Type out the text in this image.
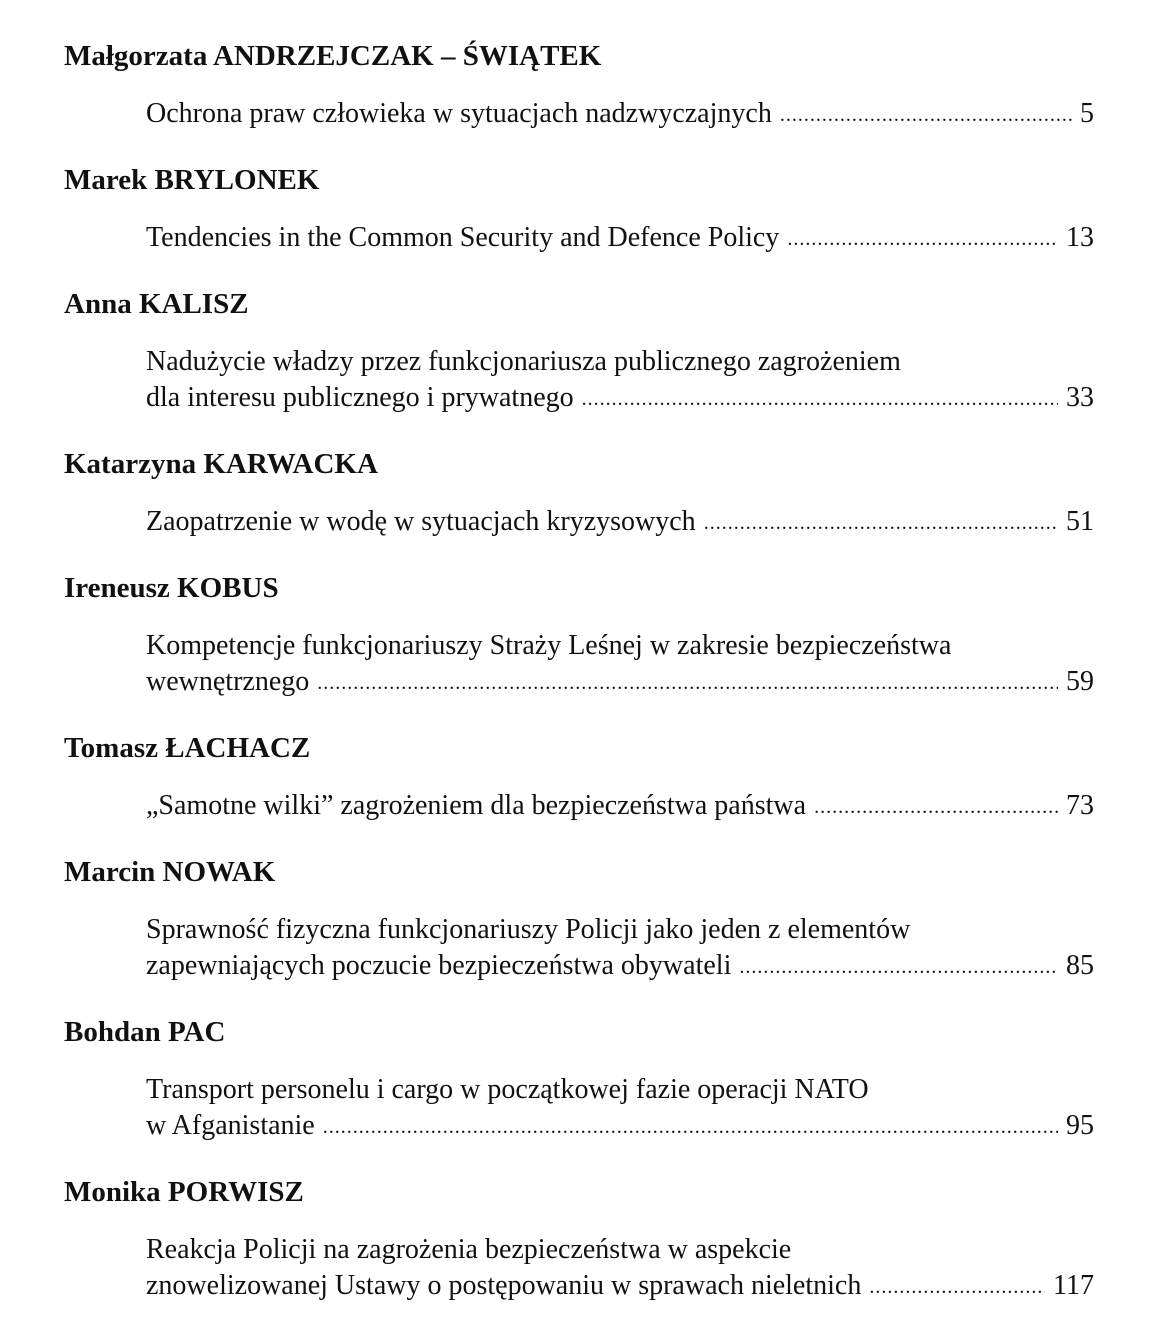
Małgorzata ANDRZEJCZAK – ŚWIĄTEK
Ochrona praw człowieka w sytuacjach nadzwyczajnych .....	5
Marek BRYLONEK
Tendencies in the Common Security and Defence Policy .....	13
Anna KALISZ
Nadużycie władzy przez funkcjonariusza publicznego zagrożeniem
dla interesu publicznego i prywatnego .....	33
Katarzyna KARWACKA
Zaopatrzenie w wodę w sytuacjach kryzysowych .....	51
Ireneusz KOBUS
Kompetencje funkcjonariuszy Straży Leśnej w zakresie bezpieczeństwa
wewnętrznego .....	59
Tomasz ŁACHACZ
„Samotne wilki” zagrożeniem dla bezpieczeństwa państwa .....	73
Marcin NOWAK
Sprawność fizyczna funkcjonariuszy Policji jako jeden z elementów
zapewniających poczucie bezpieczeństwa obywateli .....	85
Bohdan PAC
Transport personelu i cargo w początkowej fazie operacji NATO
w Afganistanie .....	95
Monika PORWISZ
Reakcja Policji na zagrożenia bezpieczeństwa w aspekcie
znowelizowanej Ustawy o postępowaniu w sprawach nieletnich .....	117
